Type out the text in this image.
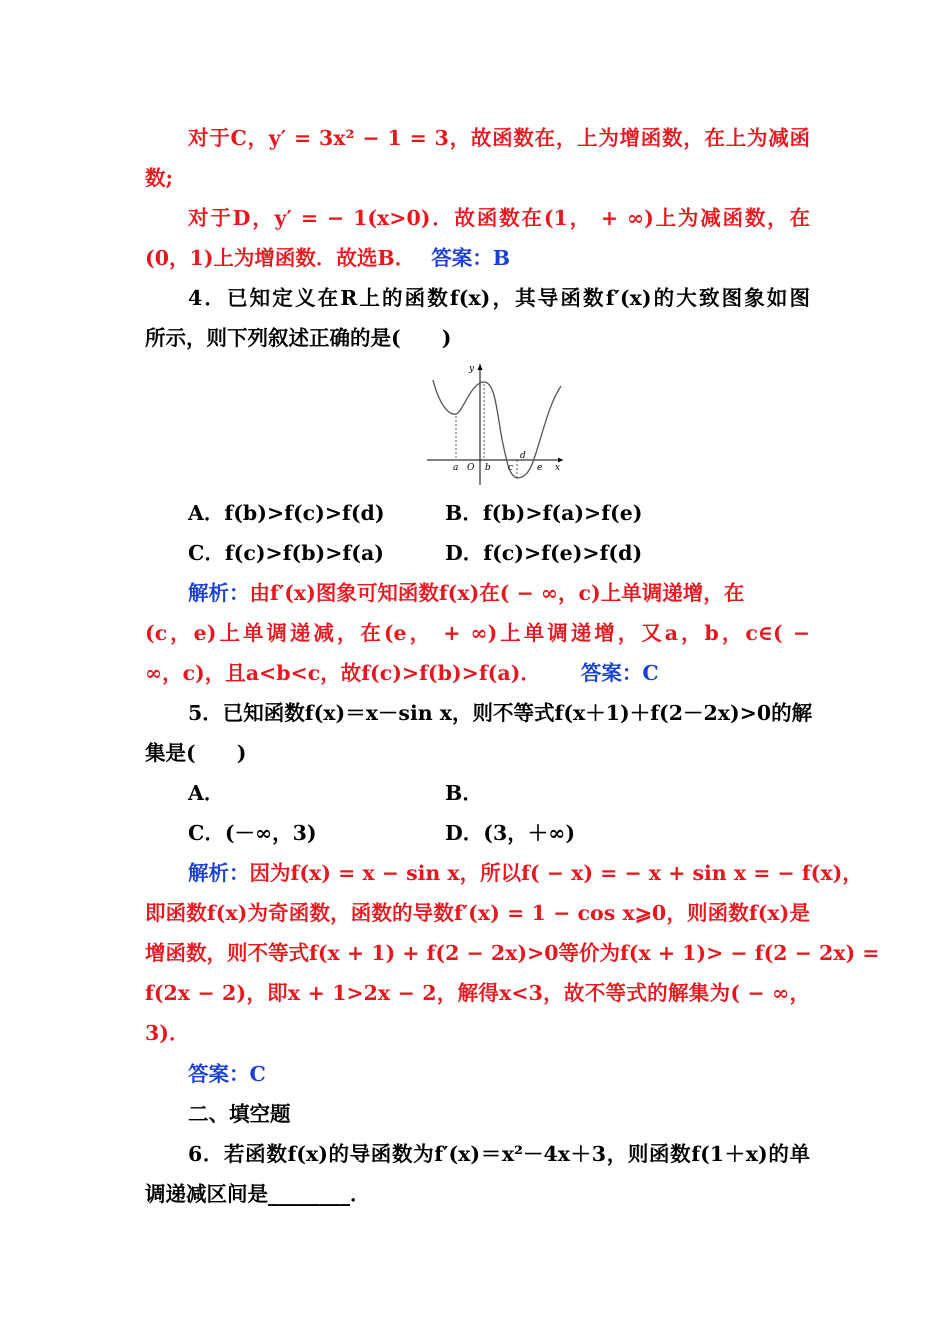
对于C，y′ = 3x² − 1 = 3，故函数在，上为增函数，在上为减函
数;
对于D，y′ = − 1(x>0)．故函数在(1， + ∞)上为减函数，在
(0，1)上为增函数．故选B． 答案：B
4．已知定义在R上的函数f(x)，其导函数f′(x)的大致图象如图
所示，则下列叙述正确的是(　　)
y
x
a O b c
d
e
A．f(b)>f(c)>f(d)	B．f(b)>f(a)>f(e)
C．f(c)>f(b)>f(a)	D．f(c)>f(e)>f(d)
解析：由f′(x)图象可知函数f(x)在( − ∞，c)上单调递增，在
(c，e)上单调递减，在(e， + ∞)上单调递增，又a，b，c∈( −
∞，c)，且a<b<c，故f(c)>f(b)>f(a)． 答案：C
5．已知函数f(x)＝x－sin x，则不等式f(x＋1)＋f(2－2x)>0的解
集是(　　)
A．	B．
C．(－∞，3)	D．(3，＋∞)
解析：因为f(x) = x − sin x，所以f( − x) = − x + sin x = − f(x)，
即函数f(x)为奇函数，函数的导数f′(x) = 1 − cos x⩾0，则函数f(x)是
增函数，则不等式f(x + 1) + f(2 − 2x)>0等价为f(x + 1)> − f(2 − 2x) =
f(2x − 2)，即x + 1>2x − 2，解得x<3，故不等式的解集为( − ∞，
3)．
答案：C
二、填空题
6．若函数f(x)的导函数为f′(x)＝x²－4x＋3，则函数f(1＋x)的单
调递减区间是________．
